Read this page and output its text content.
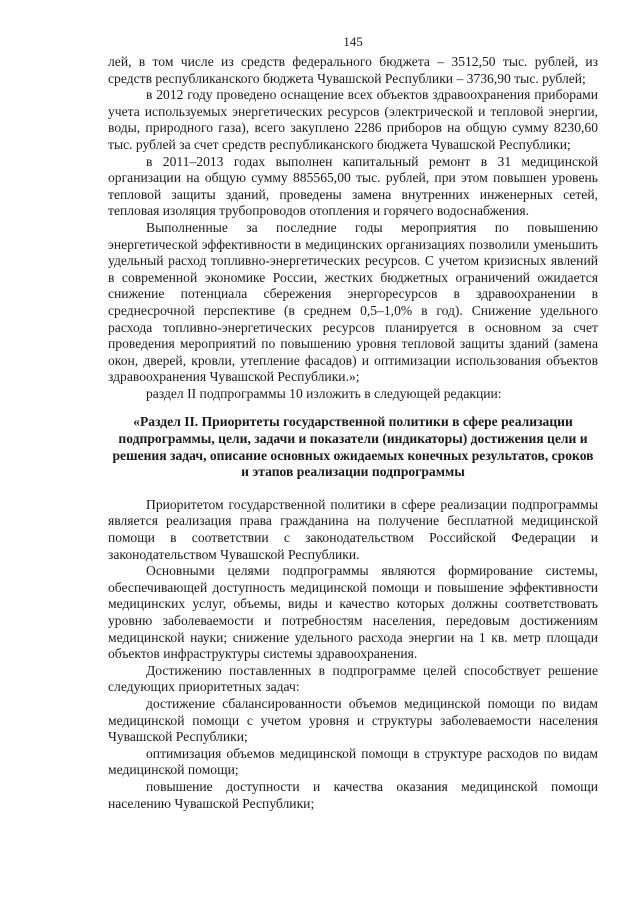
145

лей, в том числе из средств федерального бюджета – 3512,50 тыс. рублей, из средств республиканского бюджета Чувашской Республики – 3736,90 тыс. рублей;

в 2012 году проведено оснащение всех объектов здравоохранения приборами учета используемых энергетических ресурсов (электрической и тепловой энергии, воды, природного газа), всего закуплено 2286 приборов на общую сумму 8230,60 тыс. рублей за счет средств республиканского бюджета Чувашской Республики;

в 2011–2013 годах выполнен капитальный ремонт в 31 медицинской организации на общую сумму 885565,00 тыс. рублей, при этом повышен уровень тепловой защиты зданий, проведены замена внутренних инженерных сетей, тепловая изоляция трубопроводов отопления и горячего водоснабжения.

Выполненные за последние годы мероприятия по повышению энергетической эффективности в медицинских организациях позволили уменьшить удельный расход топливно-энергетических ресурсов. С учетом кризисных явлений в современной экономике России, жестких бюджетных ограничений ожидается снижение потенциала сбережения энергоресурсов в здравоохранении в среднесрочной перспективе (в среднем 0,5–1,0% в год). Снижение удельного расхода топливно-энергетических ресурсов планируется в основном за счет проведения мероприятий по повышению уровня тепловой защиты зданий (замена окон, дверей, кровли, утепление фасадов) и оптимизации использования объектов здравоохранения Чувашской Республики.»;

раздел II подпрограммы 10 изложить в следующей редакции:

«Раздел II. Приоритеты государственной политики в сфере реализации подпрограммы, цели, задачи и показатели (индикаторы) достижения цели и решения задач, описание основных ожидаемых конечных результатов, сроков и этапов реализации подпрограммы

Приоритетом государственной политики в сфере реализации подпрограммы является реализация права гражданина на получение бесплатной медицинской помощи в соответствии с законодательством Российской Федерации и законодательством Чувашской Республики.

Основными целями подпрограммы являются формирование системы, обеспечивающей доступность медицинской помощи и повышение эффективности медицинских услуг, объемы, виды и качество которых должны соответствовать уровню заболеваемости и потребностям населения, передовым достижениям медицинской науки; снижение удельного расхода энергии на 1 кв. метр площади объектов инфраструктуры системы здравоохранения.

Достижению поставленных в подпрограмме целей способствует решение следующих приоритетных задач:

достижение сбалансированности объемов медицинской помощи по видам медицинской помощи с учетом уровня и структуры заболеваемости населения Чувашской Республики;

оптимизация объемов медицинской помощи в структуре расходов по видам медицинской помощи;

повышение доступности и качества оказания медицинской помощи населению Чувашской Республики;
